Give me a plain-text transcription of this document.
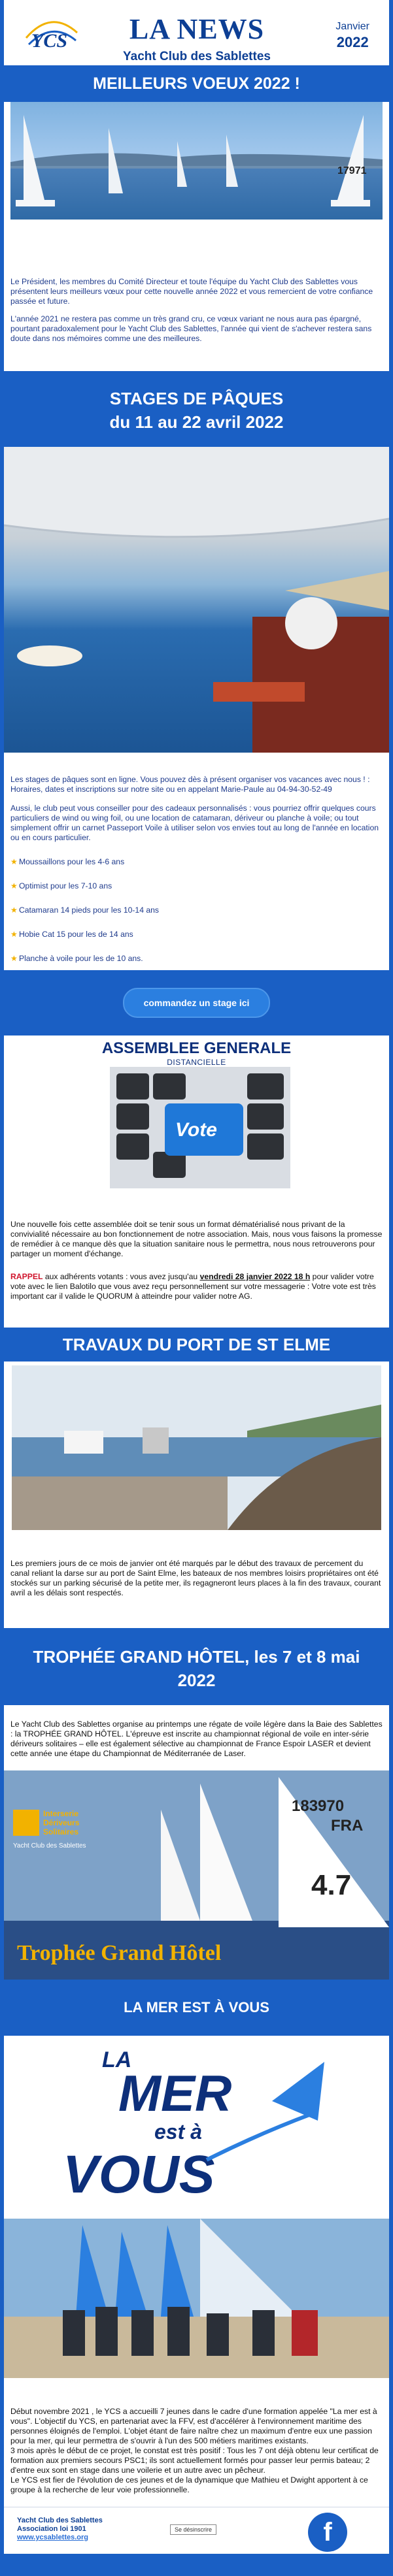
YCS	LA NEWS
Yacht Club des Sablettes
Janvier
2022
MEILLEURS VOEUX 2022 !
17971

Le Président, les membres du Comité Directeur et toute l'équipe du Yacht Club des Sablettes vous présentent leurs meilleurs vœux pour cette nouvelle année 2022 et vous remercient de votre confiance passée et future.

L'année 2021 ne restera pas comme un très grand cru, ce vœux variant ne nous aura pas épargné, pourtant paradoxalement pour le Yacht Club des Sablettes, l'année qui vient de s'achever restera sans doute dans nos mémoires comme une des meilleures.

STAGES DE PÂQUES
du 11 au 22 avril 2022

Les stages de pâques sont en ligne. Vous pouvez dès à présent organiser vos vacances avec nous ! :

Horaires, dates et inscriptions sur notre site ou en appelant Marie-Paule au 04-94-30-52-49

Aussi, le club peut vous conseiller pour des cadeaux personnalisés : vous pourriez offrir quelques cours particuliers de wind ou wing foil, ou une location de catamaran, dériveur ou planche à voile; ou tout simplement offrir un carnet Passeport Voile à utiliser selon vos envies tout au long de l'année en location ou en cours particulier.

★ Moussaillons pour les 4-6 ans
★ Optimist pour les 7-10 ans
★ Catamaran 14 pieds pour les 10-14 ans
★ Hobie Cat 15 pour les de 14 ans
★ Planche à voile pour les de 10 ans.
commandez un stage ici
ASSEMBLEE GENERALE
DISTANCIELLE
Vote

Une nouvelle fois cette assemblée doit se tenir sous un format dématérialisé nous privant de la convivialité nécessaire au bon fonctionnement de notre association. Mais, nous vous faisons la promesse de remédier à ce manque dès que la situation sanitaire nous le permettra, nous nous retrouverons pour partager un moment d'échange.

RAPPEL aux adhérents votants : vous avez jusqu'au vendredi 28 janvier 2022 18 h pour valider votre vote avec le lien Balotilo que vous avez reçu personnellement sur votre messagerie : Votre vote est très important car il valide le QUORUM à atteindre pour valider notre AG.

TRAVAUX DU PORT DE ST ELME

Les premiers jours de ce mois de janvier ont été marqués par le début des travaux de percement du canal reliant la darse sur au port de Saint Elme, les bateaux de nos membres loisirs propriétaires ont été stockés sur un parking sécurisé de la petite mer, ils regagneront leurs places à la fin des travaux, courant avril a les délais sont respectés.

TROPHÉE GRAND HÔTEL, les 7 et 8 mai
2022

Le Yacht Club des Sablettes organise au printemps une régate de voile légère dans la Baie des Sablettes : la TROPHÉE GRAND HÔTEL. L'épreuve est inscrite au championnat régional de voile en inter-série dériveurs solitaires – elle est également sélective au championnat de France Espoir LASER et devient cette année une étape du Championnat de Méditerranée de Laser.

Interserie
Dériveurs
Solitaires
Yacht Club des Sablettes
183970
FRA
4.7
Trophée Grand Hôtel
LA MER EST À VOUS
LA
MER
est à
VOUS

Début novembre 2021 , le YCS a accueilli 7 jeunes dans le cadre d'une formation appelée "La mer est à vous". L'objectif du YCS, en partenariat avec la FFV, est d'accélérer à l'environnement maritime des personnes éloignés de l'emploi. L'objet étant de faire naître chez un maximum d'entre eux une passion pour la mer, qui leur permettra de s'ouvrir à l'un des 500 métiers maritimes existants.

3 mois après le début de ce projet, le constat est très positif : Tous les 7 ont déjà obtenu leur certificat de formation aux premiers secours PSC1; ils sont actuellement formés pour passer leur permis bateau; 2 d'entre eux sont en stage dans une voilerie et un autre avec un pêcheur.

Le YCS est fier de l'évolution de ces jeunes et de la dynamique que Mathieu et Dwight apportent à ce groupe à la recherche de leur voie professionnelle.

Yacht Club des Sablettes
Association loi 1901
www.ycsablettes.org
Se désinscrire	f
